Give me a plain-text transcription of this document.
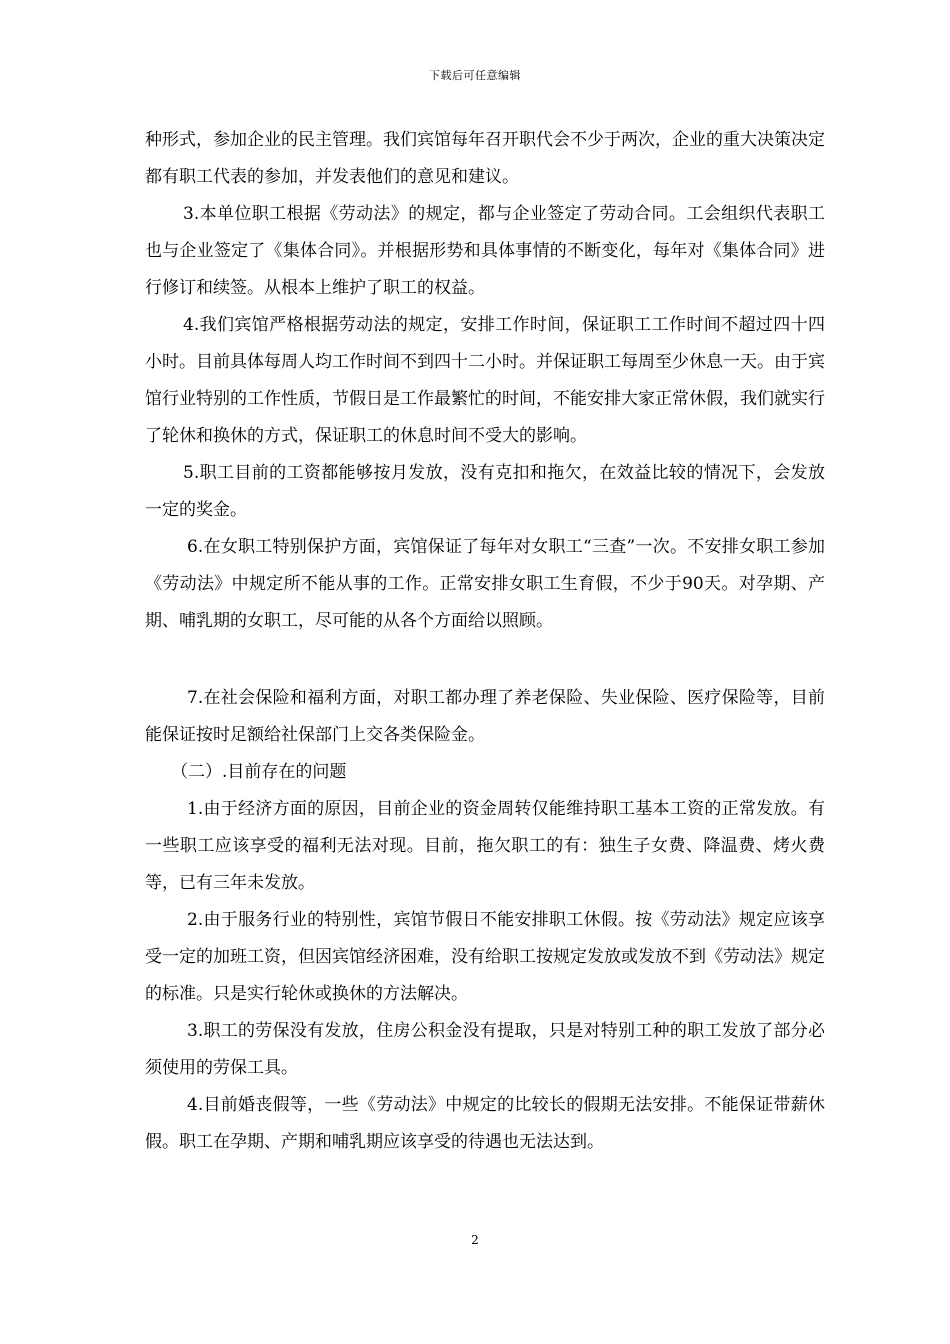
下载后可任意编辑

种形式，参加企业的民主管理。我们宾馆每年召开职代会不少于两次，企业的重大决策决定都有职工代表的参加，并发表他们的意见和建议。

3.本单位职工根据《劳动法》的规定，都与企业签定了劳动合同。工会组织代表职工也与企业签定了《集体合同》。并根据形势和具体事情的不断变化，每年对《集体合同》进行修订和续签。从根本上维护了职工的权益。

4.我们宾馆严格根据劳动法的规定，安排工作时间，保证职工工作时间不超过四十四小时。目前具体每周人均工作时间不到四十二小时。并保证职工每周至少休息一天。由于宾馆行业特别的工作性质，节假日是工作最繁忙的时间，不能安排大家正常休假，我们就实行了轮休和换休的方式，保证职工的休息时间不受大的影响。

5.职工目前的工资都能够按月发放，没有克扣和拖欠，在效益比较的情况下，会发放一定的奖金。

6.在女职工特别保护方面，宾馆保证了每年对女职工“三查”一次。不安排女职工参加《劳动法》中规定所不能从事的工作。正常安排女职工生育假，不少于90天。对孕期、产期、哺乳期的女职工，尽可能的从各个方面给以照顾。

7.在社会保险和福利方面，对职工都办理了养老保险、失业保险、医疗保险等，目前能保证按时足额给社保部门上交各类保险金。

（二）.目前存在的问题

1.由于经济方面的原因，目前企业的资金周转仅能维持职工基本工资的正常发放。有一些职工应该享受的福利无法对现。目前，拖欠职工的有：独生子女费、降温费、烤火费等，已有三年未发放。

2.由于服务行业的特别性，宾馆节假日不能安排职工休假。按《劳动法》规定应该享受一定的加班工资，但因宾馆经济困难，没有给职工按规定发放或发放不到《劳动法》规定的标准。只是实行轮休或换休的方法解决。

3.职工的劳保没有发放，住房公积金没有提取，只是对特别工种的职工发放了部分必须使用的劳保工具。

4.目前婚丧假等，一些《劳动法》中规定的比较长的假期无法安排。不能保证带薪休假。职工在孕期、产期和哺乳期应该享受的待遇也无法达到。

2
